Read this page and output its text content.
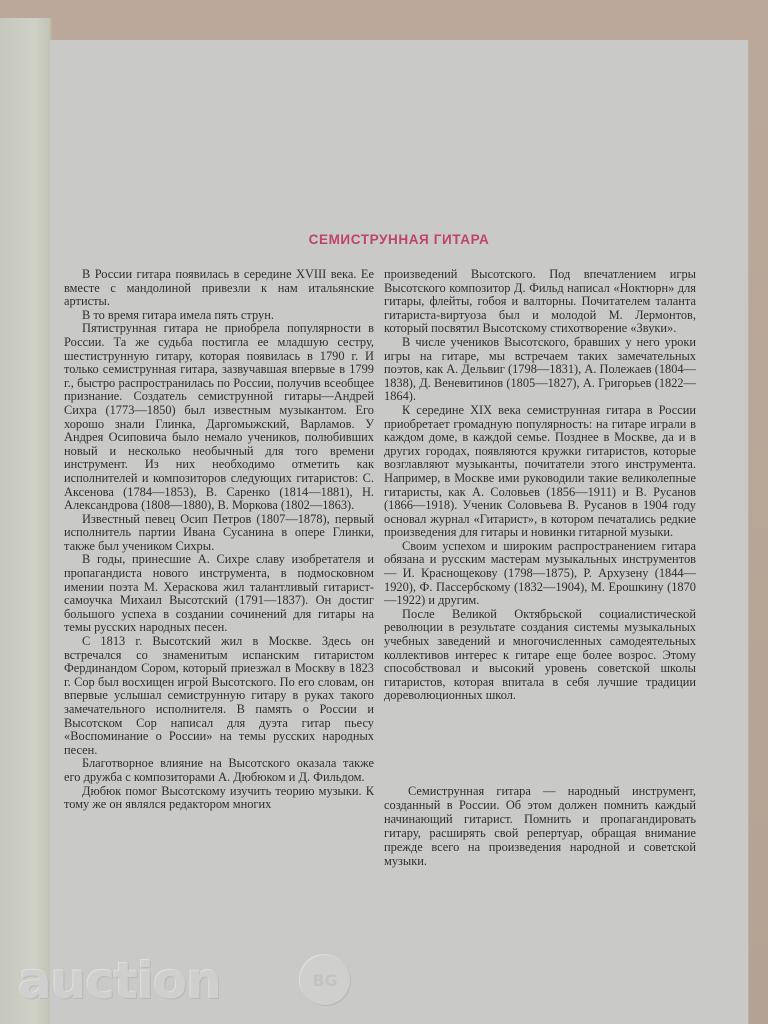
СЕМИСТРУННАЯ ГИТАРА

В России гитара появилась в середине XVIII века. Ее вместе с мандолиной привезли к нам итальянские артисты.

В то время гитара имела пять струн.

Пятиструнная гитара не приобрела популярности в России. Та же судьба постигла ее младшую сестру, шестиструнную гитару, которая появилась в 1790 г. И только семиструнная гитара, зазвучавшая впервые в 1799 г., быстро распространилась по России, получив всеобщее признание. Создатель семиструнной гитары—Андрей Сихра (1773—1850) был известным музыкантом. Его хорошо знали Глинка, Даргомыжский, Варламов. У Андрея Осиповича было немало учеников, полюбивших новый и несколько необычный для того времени инструмент. Из них необходимо отметить как исполнителей и композиторов следующих гитаристов: С. Аксенова (1784—1853), В. Саренко (1814—1881), Н. Александрова (1808—1880), В. Моркова (1802—1863).

Известный певец Осип Петров (1807—1878), первый исполнитель партии Ивана Сусанина в опере Глинки, также был учеником Сихры.

В годы, принесшие А. Сихре славу изобретателя и пропагандиста нового инструмента, в подмосковном имении поэта М. Хераскова жил талантливый гитарист-самоучка Михаил Высотский (1791—1837). Он достиг большого успеха в создании сочинений для гитары на темы русских народных песен.

С 1813 г. Высотский жил в Москве. Здесь он встречался со знаменитым испанским гитаристом Фердинандом Сором, который приезжал в Москву в 1823 г. Сор был восхищен игрой Высотского. По его словам, он впервые услышал семиструнную гитару в руках такого замечательного исполнителя. В память о России и Высотском Сор написал для дуэта гитар пьесу «Воспоминание о России» на темы русских народных песен.

Благотворное влияние на Высотского оказала также его дружба с композиторами А. Дюбюком и Д. Фильдом.

Дюбюк помог Высотскому изучить теорию музыки. К тому же он являлся редактором многих

произведений Высотского. Под впечатлением игры Высотского композитор Д. Фильд написал «Ноктюрн» для гитары, флейты, гобоя и валторны. Почитателем таланта гитариста-виртуоза был и молодой М. Лермонтов, который посвятил Высотскому стихотворение «Звуки».

В числе учеников Высотского, бравших у него уроки игры на гитаре, мы встречаем таких замечательных поэтов, как А. Дельвиг (1798—1831), А. Полежаев (1804—1838), Д. Веневитинов (1805—1827), А. Григорьев (1822—1864).

К середине XIX века семиструнная гитара в России приобретает громадную популярность: на гитаре играли в каждом доме, в каждой семье. Позднее в Москве, да и в других городах, появляются кружки гитаристов, которые возглавляют музыканты, почитатели этого инструмента. Например, в Москве ими руководили такие великолепные гитаристы, как А. Соловьев (1856—1911) и В. Русанов (1866—1918). Ученик Соловьева В. Русанов в 1904 году основал журнал «Гитарист», в котором печатались редкие произведения для гитары и новинки гитарной музыки.

Своим успехом и широким распространением гитара обязана и русским мастерам музыкальных инструментов — И. Краснощекову (1798—1875), Р. Архузену (1844—1920), Ф. Пассербскому (1832—1904), М. Ерошкину (1870—1922) и другим.

После Великой Октябрьской социалистической революции в результате создания системы музыкальных учебных заведений и многочисленных самодеятельных коллективов интерес к гитаре еще более возрос. Этому способствовал и высокий уровень советской школы гитаристов, которая впитала в себя лучшие традиции дореволюционных школ.

Семиструнная гитара — народный инструмент, созданный в России. Об этом должен помнить каждый начинающий гитарист. Помнить и пропагандировать гитару, расширять свой репертуар, обращая внимание прежде всего на произведения народной и советской музыки.

auction	BG
